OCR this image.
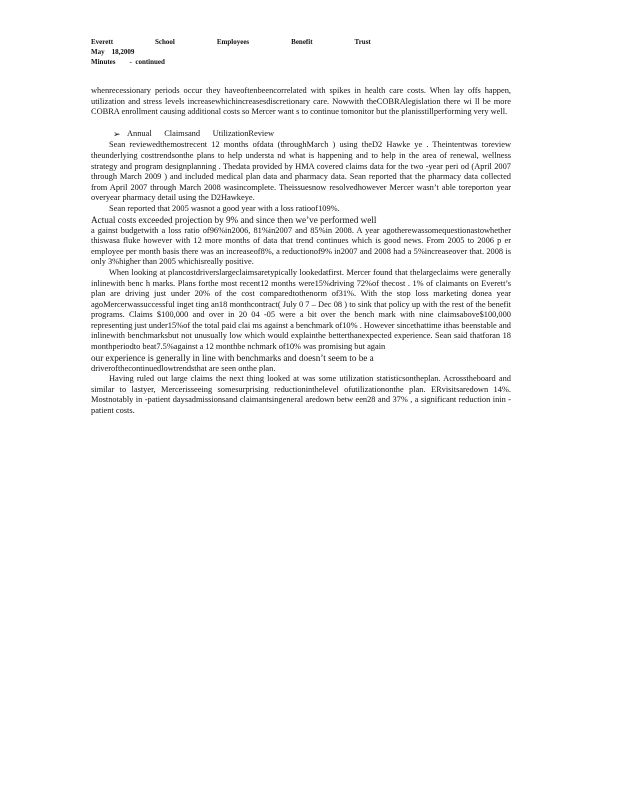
Everett	School	Employees	Benefit	Trust
May    18,2009
Minutes        -  continued

whenrecessionary periods occur they haveoftenbeencorrelated with spikes in health care costs. When lay offs happen, utilization and stress levels increasewhichincreasesdiscretionary care. Nowwith theCOBRAlegislation there wi ll be more COBRA enrollment causing additional costs so Mercer want s to continue tomonitor but the planisstillperforming very well.

➢ Annual      Claimsand      UtilizationReview

Sean reviewedthemostrecent 12 months ofdata (throughMarch ) using theD2 Hawke ye . Theintentwas toreview theunderlying costtrendsonthe plans to help understa nd what is happening and to help in the area of renewal, wellness strategy and program designplanning . Thedata provided by HMA covered claims data for the two -year peri od (April 2007 through March 2009 ) and included medical plan data and pharmacy data. Sean reported that the pharmacy data collected from April 2007 through March 2008 wasincomplete. Theissuesnow resolvedhowever Mercer wasn’t able toreporton year overyear pharmacy detail using the D2Hawkeye.

Sean reported that 2005 wasnot a good year with a loss ratioof109%.

Actual costs exceeded projection by 9% and since then we’ve performed well

a gainst budgetwith a loss ratio of96%in2006, 81%in2007 and 85%in 2008. A year agotherewassomequestionastowhether thiswasa fluke however with 12 more months of data that trend continues which is good news. From 2005 to 2006 p er employee per month basis there was an increaseof8%, a reductionof9% in2007 and 2008 had a 5%increaseover that. 2008 is only 3%higher than 2005 whichisreally positive.

When looking at plancostdriverslargeclaimsaretypically lookedatfirst. Mercer found that thelargeclaims were generally inlinewith benc h marks. Plans forthe most recent12 months were15%driving 72%of thecost . 1% of claimants on Everett’s plan are driving just under 20% of the cost comparedtothenorm of31%. With the stop loss marketing donea year agoMercerwassuccessful inget ting an18 monthcontract( July 0 7 – Dec 08 ) to sink that policy up with the rest of the benefit programs. Claims $100,000 and over in 20 04 -05 were a bit over the bench mark with nine claimsabove$100,000 representing just under15%of the total paid clai ms against a benchmark of10% . However sincethattime ithas beenstable and inlinewith benchmarksbut not unusually low which would explainthe betterthanexpected experience. Sean said thatforan 18 monthperiodto beat7.5%against a 12 monthbe nchmark of10% was promising but again

our experience is generally in line with benchmarks and doesn’t seem to be a

driverofthecontinuedlowtrendsthat are seen onthe plan.

Having ruled out large claims the next thing looked at was some utilization statisticsontheplan. Acrosstheboard and similar to lastyer, Mercerisseeing somesurprising reductioninthelevel ofutilizationonthe plan. ERvisitsaredown 14%. Mostnotably in -patient daysadmissionsand claimantsingeneral aredown betw een28 and 37% , a significant reduction inin -patient costs.
